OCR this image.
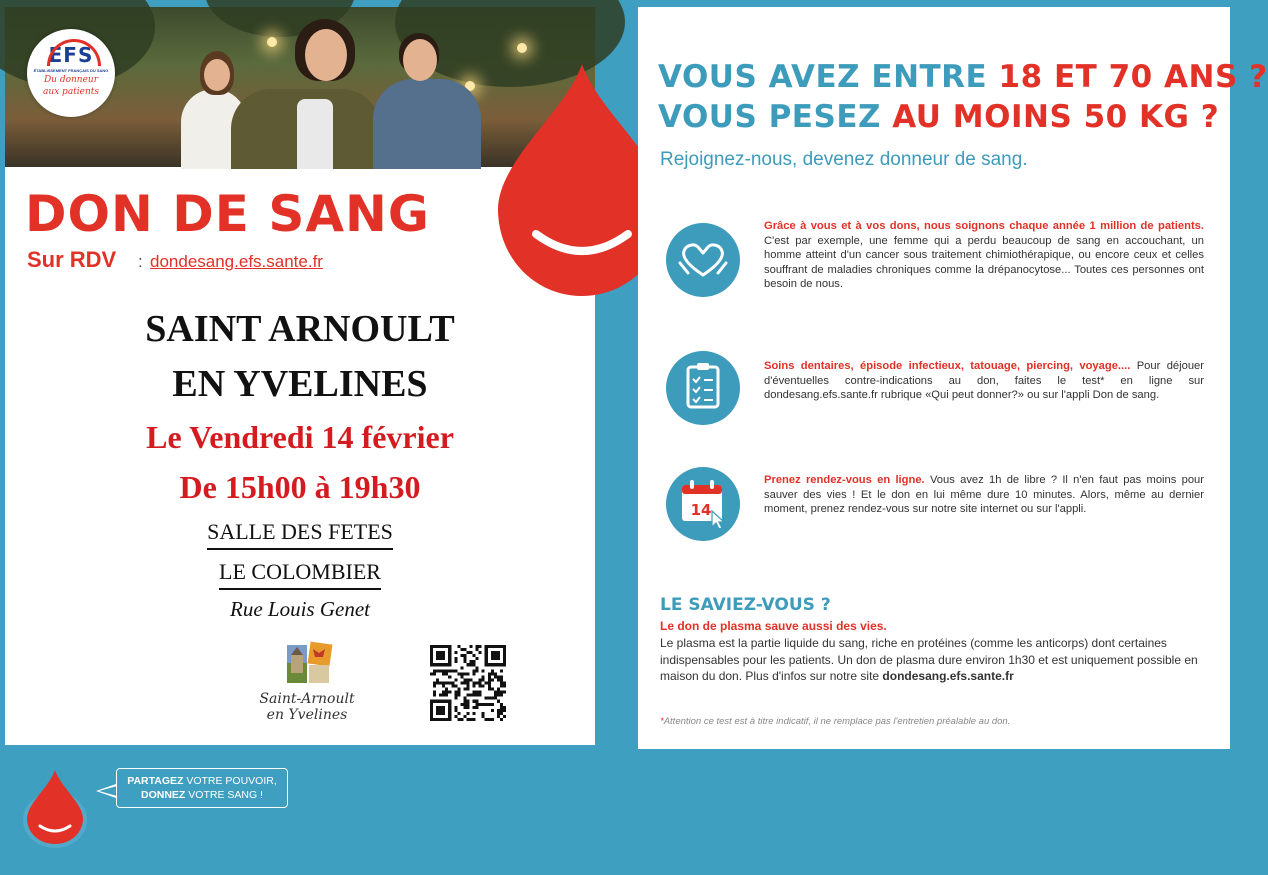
EFS
ÉTABLISSEMENT FRANÇAIS DU SANG
Du donneur
aux patients
DON DE SANG
Sur RDV : dondesang.efs.sante.fr
SAINT ARNOULT
EN YVELINES
Le Vendredi 14 février
De 15h00 à 19h30
SALLE DES FETES
LE COLOMBIER
Rue Louis Genet
Saint-Arnoult
en Yvelines
VOUS AVEZ ENTRE 18 ET 70 ANS ?
VOUS PESEZ AU MOINS 50 KG ?
Rejoignez-nous, devenez donneur de sang.
Grâce à vous et à vos dons, nous soignons chaque année 1 million de patients. C'est par exemple, une femme qui a perdu beaucoup de sang en accouchant, un homme atteint d'un cancer sous traitement chimiothérapique, ou encore ceux et celles souffrant de maladies chroniques comme la drépanocytose... Toutes ces personnes ont besoin de nous.
Soins dentaires, épisode infectieux, tatouage, piercing, voyage.... Pour déjouer d'éventuelles contre-indications au don, faites le test* en ligne sur dondesang.efs.sante.fr rubrique «Qui peut donner?» ou sur l'appli Don de sang.
14
Prenez rendez-vous en ligne. Vous avez 1h de libre ? Il n'en faut pas moins pour sauver des vies ! Et le don en lui même dure 10 minutes. Alors, même au dernier moment, prenez rendez-vous sur notre site internet ou sur l'appli.
LE SAVIEZ-VOUS ?
Le don de plasma sauve aussi des vies.
Le plasma est la partie liquide du sang, riche en protéines (comme les anticorps) dont certaines indispensables pour les patients. Un don de plasma dure environ 1h30 et est uniquement possible en maison du don. Plus d'infos sur notre site dondesang.efs.sante.fr
*Attention ce test est à titre indicatif, il ne remplace pas l'entretien préalable au don.
PARTAGEZ VOTRE POUVOIR,
DONNEZ VOTRE SANG !
